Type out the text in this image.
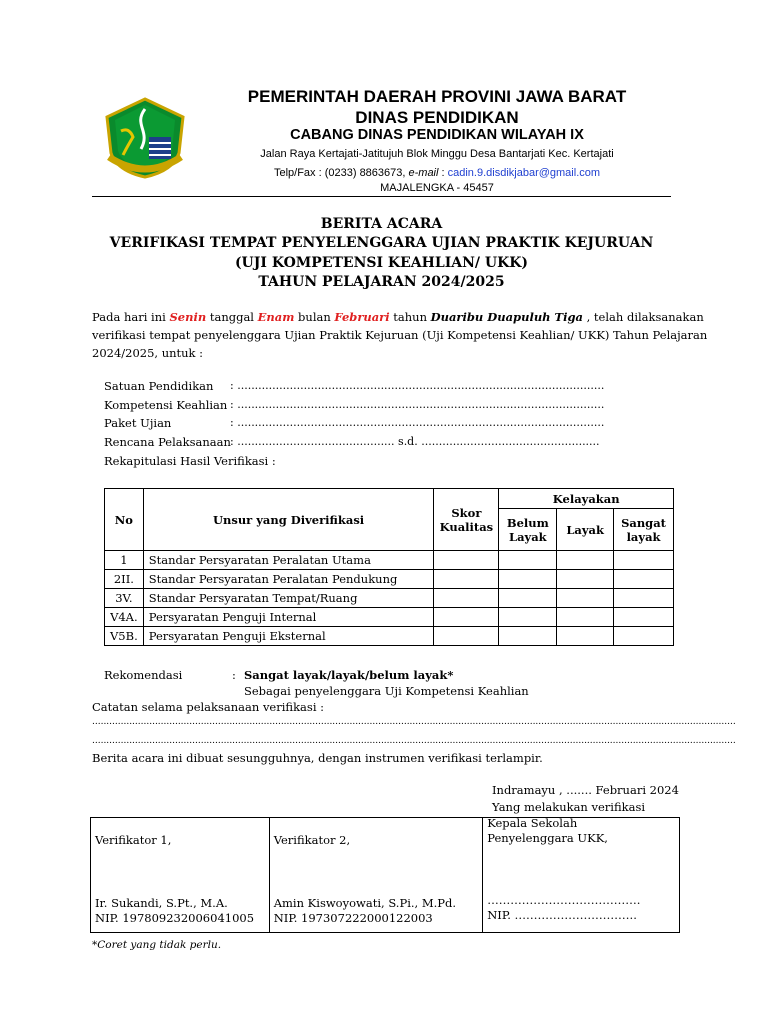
PEMERINTAH DAERAH PROVINI JAWA BARAT
DINAS PENDIDIKAN
CABANG DINAS PENDIDIKAN WILAYAH IX
Jalan Raya Kertajati-Jatitujuh Blok Minggu Desa Bantarjati Kec. Kertajati
Telp/Fax : (0233) 8863673, e-mail : cadin.9.disdikjabar@gmail.com
MAJALENGKA - 45457
BERITA ACARA
VERIFIKASI TEMPAT PENYELENGGARA UJIAN PRAKTIK KEJURUAN
(UJI KOMPETENSI KEAHLIAN/ UKK)
TAHUN PELAJARAN 2024/2025
Pada hari ini Senin tanggal Enam bulan Februari tahun Duaribu Duapuluh Tiga , telah dilaksanakan
verifikasi tempat penyelenggara Ujian Praktik Kejuruan (Uji Kompetensi Keahlian/ UKK) Tahun Pelajaran
2024/2025, untuk :
Satuan Pendidikan : .........................................................................................................
Kompetensi Keahlian : .........................................................................................................
Paket Ujian	: .........................................................................................................
Rencana Pelaksanaan : ............................................. s.d. ...................................................
Rekapitulasi Hasil Verifikasi :
No	Unsur yang Diverifikasi	Skor Kualitas	Kelayakan		
			Belum Layak	Layak	Sangat layak
1	Standar Persyaratan Peralatan Utama				
2II.	Standar Persyaratan Peralatan Pendukung				
3V.	Standar Persyaratan Tempat/Ruang				
V4A.	Persyaratan Penguji Internal				
V5B.	Persyaratan Penguji Eksternal				
Rekomendasi	: Sangat layak/layak/belum layak*
Sebagai penyelenggara Uji Kompetensi Keahlian
Catatan selama pelaksanaan verifikasi :
.................................................................................................................................................................................................................................
.................................................................................................................................................................................................................................
Berita acara ini dibuat sesungguhnya, dengan instrumen verifikasi terlampir.
Indramayu , ....... Februari 2024
Yang melakukan verifikasi
Verifikator 1,
Ir. Sukandi, S.Pt., M.A.
NIP. 197809232006041005

Verifikator 2,
Amin Kiswoyowati, S.Pi., M.Pd.
NIP. 197307222000122003

Kepala Sekolah
Penyelenggara UKK,
………………………………….
NIP. …………………………..
*Coret yang tidak perlu.
